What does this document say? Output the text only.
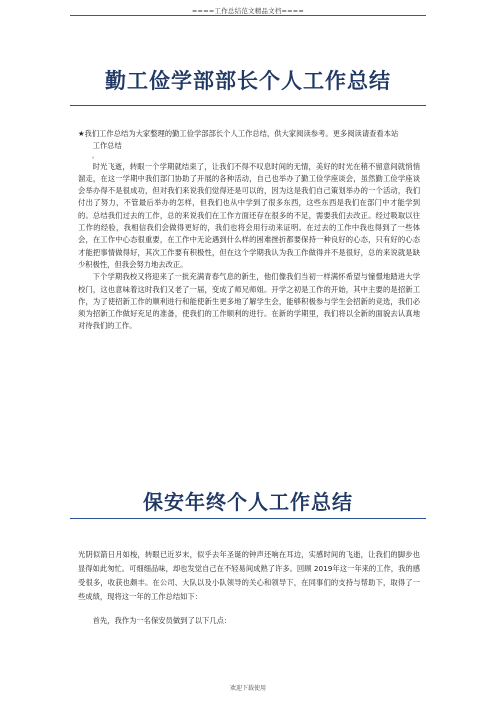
====工作总结范文精品文档====
勤工俭学部部长个人工作总结

★我们工作总结为大家整理的勤工俭学部部长个人工作总结，供大家阅读参考。更多阅读请查看本站

工作总结

。

时光飞逝，转眼一个学期就结束了，让我们不得不叹息时间的无情，美好的时光在稍不留意间就悄悄溜走，在这一学期中我们部门协助了开展的各种活动，自己也举办了勤工俭学座谈会，虽然勤工俭学座谈会举办得不是很成功，但对我们来说我们觉得还是可以的，因为这是我们自己策划举办的一个活动，我们付出了努力，不管最后举办的怎样，但我们也从中学到了很多东西，这些东西是我们在部门中才能学到的。总结我们过去的工作，总的来说我们在工作方面还存在很多的不足，需要我们去改正。经过吸取以往工作的经验，我相信我们会做得更好的，我们也将会用行动来证明。在过去的工作中我也得到了一些体会，在工作中心态很重要，在工作中无论遇到什么样的困难挫折都要保持一种良好的心态，只有好的心态才能把事情做得好，其次工作要有积极性，但在这个学期我认为我工作做得并不是很好，总的来说就是缺少积极性，但我会努力地去改正。

下个学期我校又将迎来了一批充满青春气息的新生，他们像我们当初一样满怀希望与憧憬地踏进大学校门，这也意味着这时我们又老了一届，变成了师兄师姐。开学之初是工作的开始，其中主要的是招新工作，为了使招新工作的顺利进行和能使新生更多地了解学生会，能够积极参与学生会招新的竞选，我们必须为招新工作做好充足的准备，使我们的工作顺利的进行。在新的学期里，我们将以全新的面貌去认真地对待我们的工作。

保安年终个人工作总结

光阴似箭日月如梭，转眼已近岁末，似乎去年圣诞的钟声还响在耳边，实感时间的飞逝，让我们的脚步也显得如此匆忙。可细细品味，却也发觉自己在不轻易间成熟了许多。回顾 2019年这一年来的工作，我的感受很多，收获也颇丰。在公司、大队以及小队领导的关心和领导下，在同事们的支持与帮助下，取得了一些成绩，现将这一年的工作总结如下：

首先，我作为一名保安员做到了以下几点：

欢迎下载使用
